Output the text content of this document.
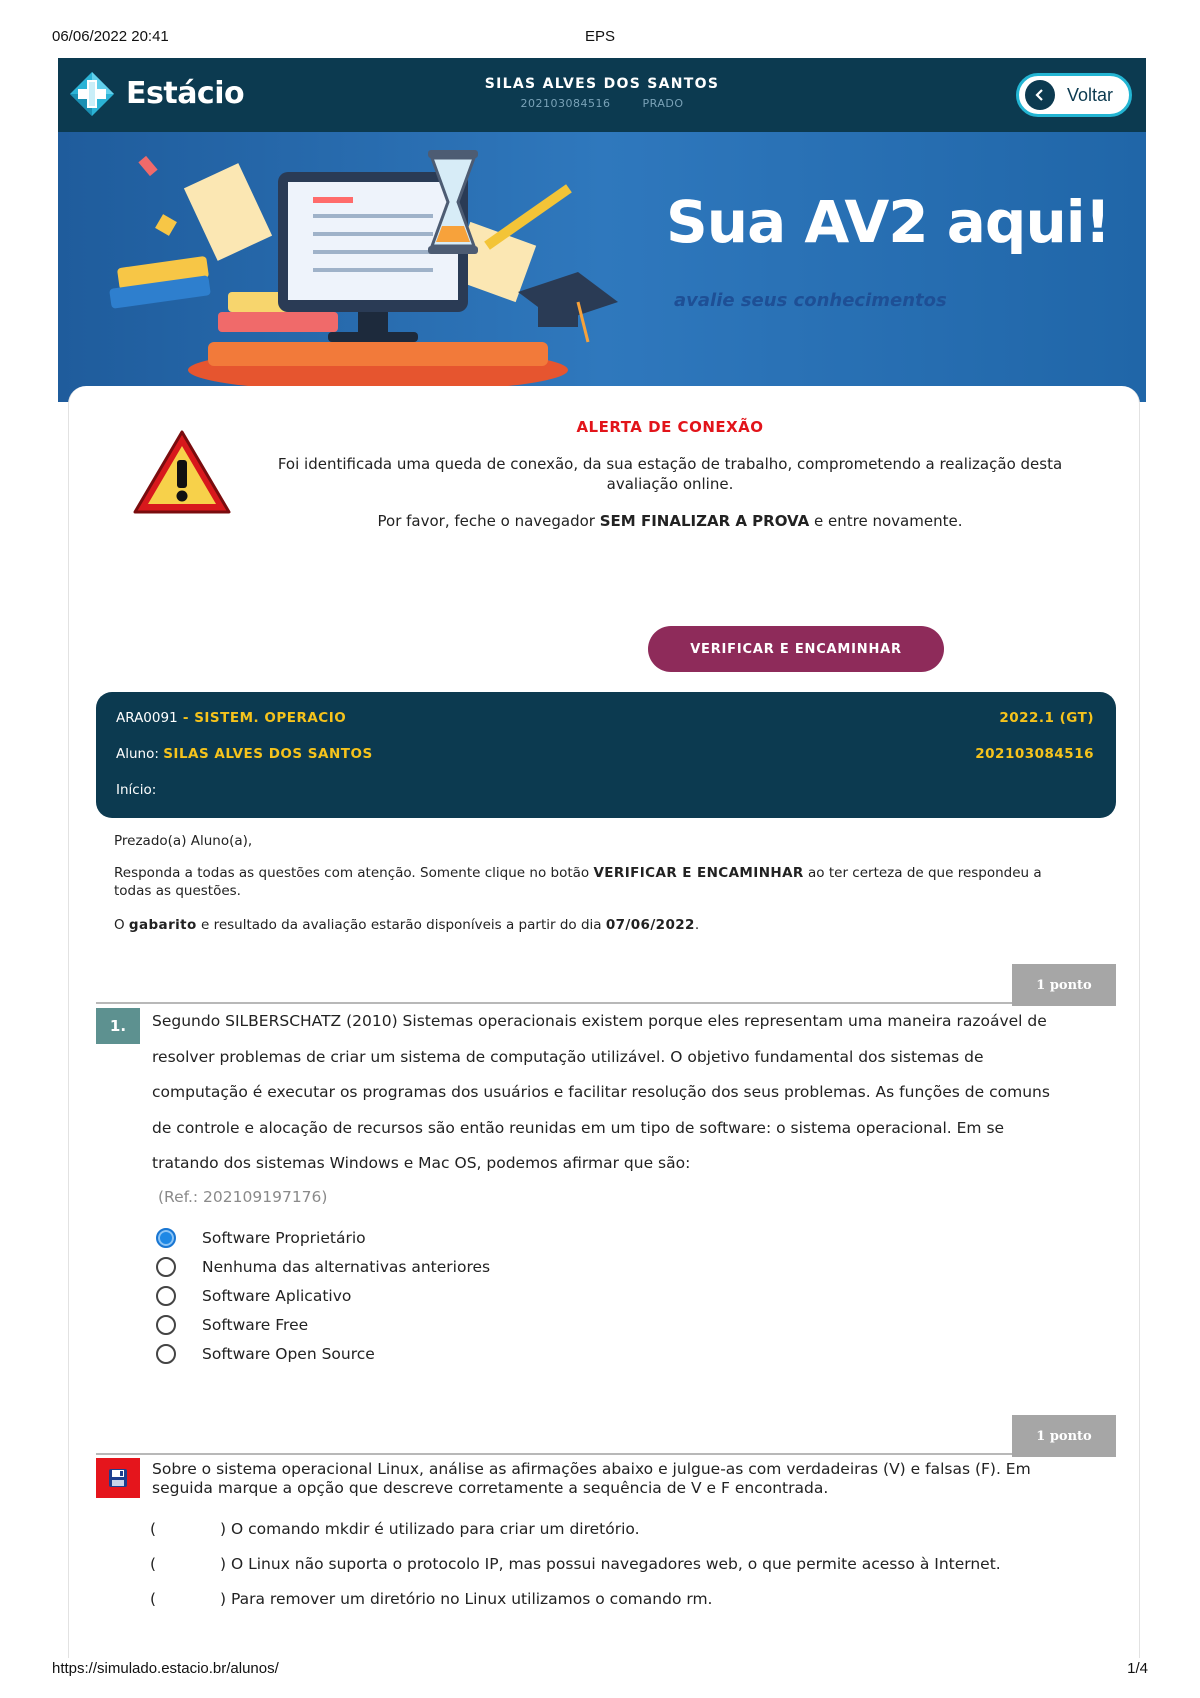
06/06/2022 20:41	EPS
Estácio	SILAS ALVES DOS SANTOS
202103084516	PRADO	Voltar
Sua AV2 aqui!
avalie seus conhecimentos
ALERTA DE CONEXÃO
Foi identificada uma queda de conexão, da sua estação de trabalho, comprometendo a realização desta avaliação online.
Por favor, feche o navegador SEM FINALIZAR A PROVA e entre novamente.
VERIFICAR E ENCAMINHAR
ARA0091 - SISTEM. OPERACIO	2022.1 (GT)
Aluno: SILAS ALVES DOS SANTOS	202103084516
Início:
Prezado(a) Aluno(a),
Responda a todas as questões com atenção. Somente clique no botão VERIFICAR E ENCAMINHAR ao ter certeza de que respondeu a todas as questões.
O gabarito e resultado da avaliação estarão disponíveis a partir do dia 07/06/2022.
1 ponto
1.	Segundo SILBERSCHATZ (2010) Sistemas operacionais existem porque eles representam uma maneira razoável de resolver problemas de criar um sistema de computação utilizável. O objetivo fundamental dos sistemas de computação é executar os programas dos usuários e facilitar resolução dos seus problemas. As funções de comuns de controle e alocação de recursos são então reunidas em um tipo de software: o sistema operacional. Em se tratando dos sistemas Windows e Mac OS, podemos afirmar que são:
(Ref.: 202109197176)
Software Proprietário
Nenhuma das alternativas anteriores
Software Aplicativo
Software Free
Software Open Source
1 ponto
Sobre o sistema operacional Linux, análise as afirmações abaixo e julgue-as com verdadeiras (V) e falsas (F). Em seguida marque a opção que descreve corretamente a sequência de V e F encontrada.
(	) O comando mkdir é utilizado para criar um diretório.
(	) O Linux não suporta o protocolo IP, mas possui navegadores web, o que permite acesso à Internet.
(	) Para remover um diretório no Linux utilizamos o comando rm.
https://simulado.estacio.br/alunos/	1/4
